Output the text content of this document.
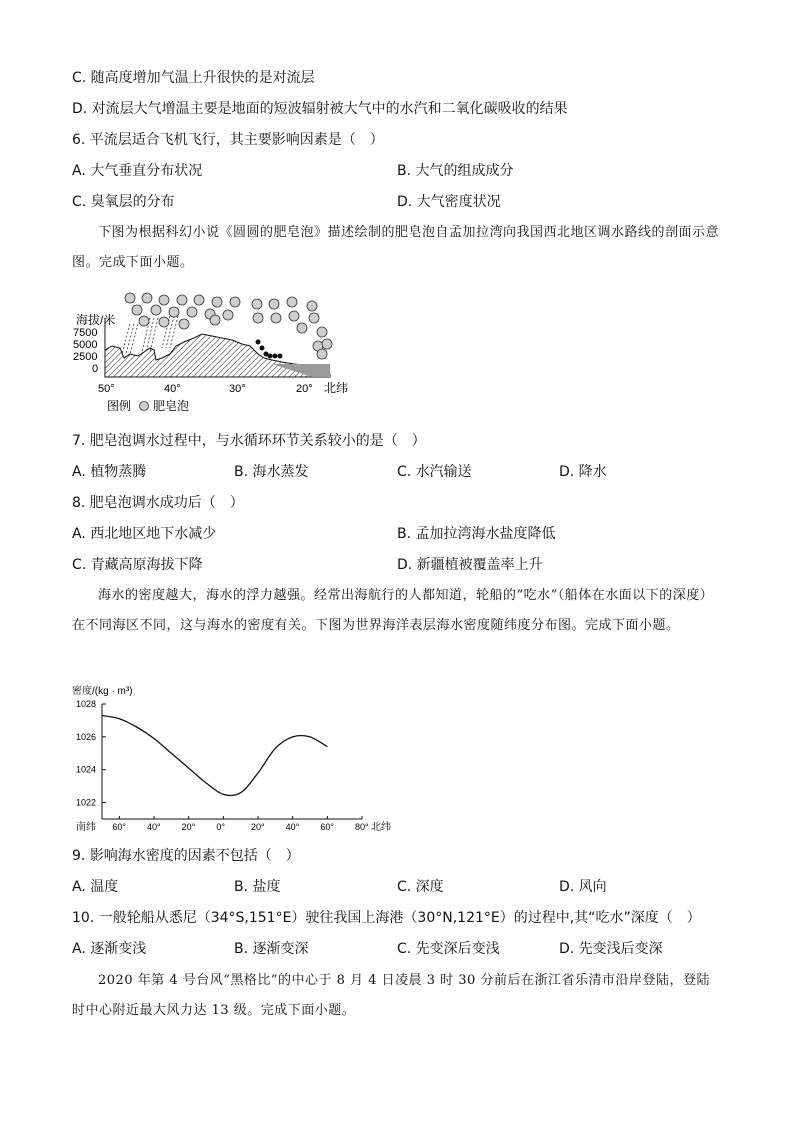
C. 随高度增加气温上升很快的是对流层
D. 对流层大气增温主要是地面的短波辐射被大气中的水汽和二氧化碳吸收的结果
6. 平流层适合飞机飞行，其主要影响因素是（　）
A. 大气垂直分布状况	B. 大气的组成成分
C. 臭氧层的分布	D. 大气密度状况
下图为根据科幻小说《圆圆的肥皂泡》描述绘制的肥皂泡自孟加拉湾向我国西北地区调水路线的剖面示意图。完成下面小题。
海拔/米
7500
5000
2500
0
50°	40°	30°	20° 北纬
图例 肥皂泡
7. 肥皂泡调水过程中，与水循环环节关系较小的是（　）
A. 植物蒸腾	B. 海水蒸发	C. 水汽输送	D. 降水
8. 肥皂泡调水成功后（　）
A. 西北地区地下水减少	B. 孟加拉湾海水盐度降低
C. 青藏高原海拔下降	D. 新疆植被覆盖率上升
海水的密度越大，海水的浮力越强。经常出海航行的人都知道，轮船的“吃水”（船体在水面以下的深度）在不同海区不同，这与海水的密度有关。下图为世界海洋表层海水密度随纬度分布图。完成下面小题。
密度/(kg · m³)
1028
1026
1024
1022
60° 40° 20° 0°	20° 40° 60° 80°
南纬	北纬
9. 影响海水密度的因素不包括（　）
A. 温度	B. 盐度	C. 深度	D. 风向
10. 一般轮船从悉尼（34°S,151°E）驶往我国上海港（30°N,121°E）的过程中,其“吃水”深度（　）
A. 逐渐变浅	B. 逐渐变深	C. 先变深后变浅	D. 先变浅后变深
2020 年第 4 号台风“黑格比”的中心于 8 月 4 日凌晨 3 时 30 分前后在浙江省乐清市沿岸登陆，登陆时中心附近最大风力达 13 级。完成下面小题。
